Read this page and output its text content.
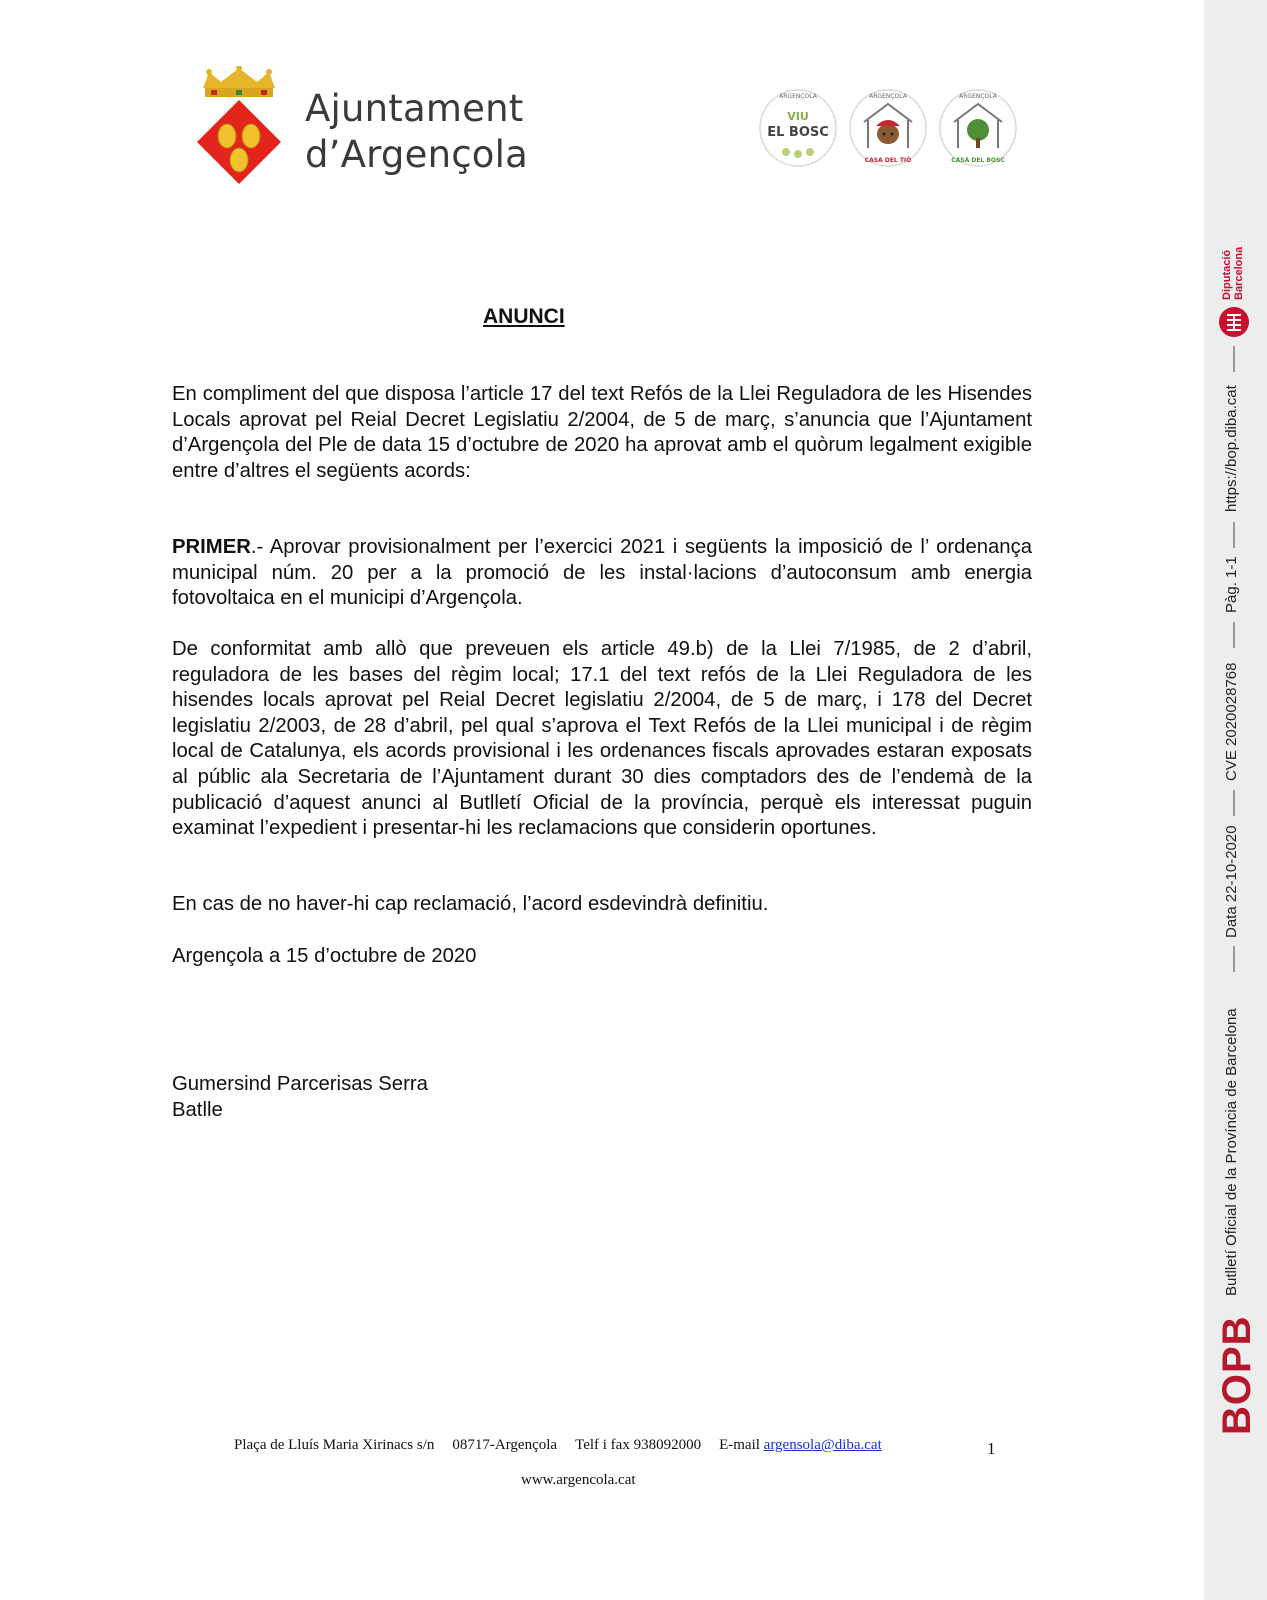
Ajuntament
d’Argençola
ARGENÇOLA
VIU
EL BOSC
ARGENÇOLA
CASA DEL TIÓ
ARGENÇOLA
CASA DEL BOSC
ANUNCI
En compliment del que disposa l’article 17 del text Refós de la Llei Reguladora de les Hisendes Locals aprovat pel Reial Decret Legislatiu 2/2004, de 5 de març, s’anuncia que l’Ajuntament d’Argençola del Ple de data 15 d’octubre de 2020 ha aprovat amb el quòrum legalment exigible entre d’altres el següents acords:
PRIMER.- Aprovar provisionalment per l’exercici 2021 i següents la imposició de l’ ordenança municipal núm. 20 per a la promoció de les instal·lacions d’autoconsum amb energia fotovoltaica en el municipi d’Argençola.
De conformitat amb allò que preveuen els article 49.b) de la Llei 7/1985, de 2 d’abril, reguladora de les bases del règim local; 17.1 del text refós de la Llei Reguladora de les hisendes locals aprovat pel Reial Decret legislatiu 2/2004, de 5 de març, i 178 del Decret legislatiu 2/2003, de 28 d’abril, pel qual s’aprova el Text Refós de la Llei municipal i de règim local de Catalunya, els acords provisional i les ordenances fiscals aprovades estaran exposats al públic ala Secretaria de l’Ajuntament durant 30 dies comptadors des de l’endemà de la publicació d’aquest anunci al Butlletí Oficial de la província, perquè els interessat puguin examinat l’expedient i presentar-hi les reclamacions que considerin oportunes.
En cas de no haver-hi cap reclamació, l’acord esdevindrà definitiu.
Argençola a 15 d’octubre de 2020
Gumersind Parcerisas Serra
Batlle
Plaça de Lluís Maria Xirinacs s/n 08717-Argençola Telf i fax 938092000 E-mail argensola@diba.cat	1
www.argencola.cat
Diputació Barcelona
https://bop.diba.cat
Pàg. 1-1
CVE 2020028768
Data 22-10-2020
Butlletí Oficial de la Província de Barcelona
BOPB
